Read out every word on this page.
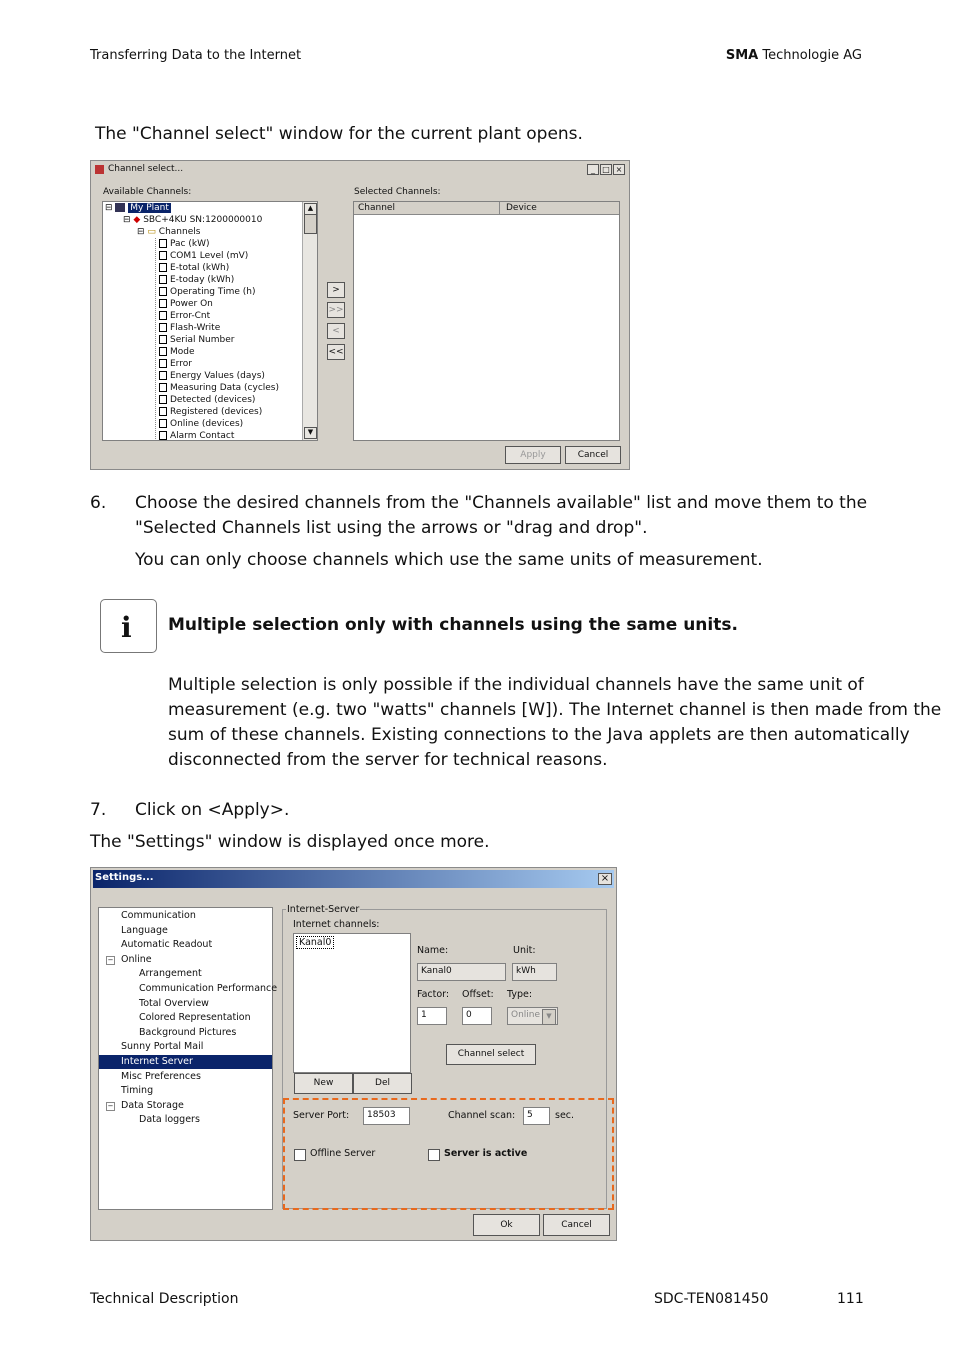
Transferring Data to the Internet	SMA Technologie AG
The "Channel select" window for the current plant opens.
Channel select...	_ □ ×
Available Channels:	Selected Channels:
▲
▼
⊟  My Plant
⊟ ◆ SBC+4KU SN:1200000010
⊟ ▭ Channels
Pac (kW)
COM1 Level (mV)
E-total (kWh)
E-today (kWh)
Operating Time (h)
Power On
Error-Cnt
Flash-Write
Serial Number
Mode
Error
Energy Values (days)
Measuring Data (cycles)
Detected (devices)
Registered (devices)
Online (devices)
Alarm Contact
>
>>
<
<<
Channel	Device
Apply	Cancel
6. Choose the desired channels from the "Channels available" list and move them to the
"Selected Channels list using the arrows or "drag and drop".
You can only choose channels which use the same units of measurement.
i Multiple selection only with channels using the same units.
Multiple selection is only possible if the individual channels have the same unit of
measurement (e.g. two "watts" channels [W]). The Internet channel is then made from the
sum of these channels. Existing connections to the Java applets are then automatically
disconnected from the server for technical reasons.
7. Click on <Apply>.
The "Settings" window is displayed once more.
Settings...	×
Communication
Language
Automatic Readout
− Online
Arrangement
Communication Performance
Total Overview
Colored Representation
Background Pictures
Sunny Portal Mail
Internet Server
Misc Preferences
Timing
− Data Storage
Data loggers
Internet-Server
Internet channels:
Kanal0
New	Del
Name:	Unit:
Kanal0	kWh
Factor: Offset: Type:
1	0	Online ▼
Channel select
Server Port:	18503	Channel scan:	5	sec.
Offline Server	Server is active
Ok	Cancel
Technical Description	SDC-TEN081450	111
